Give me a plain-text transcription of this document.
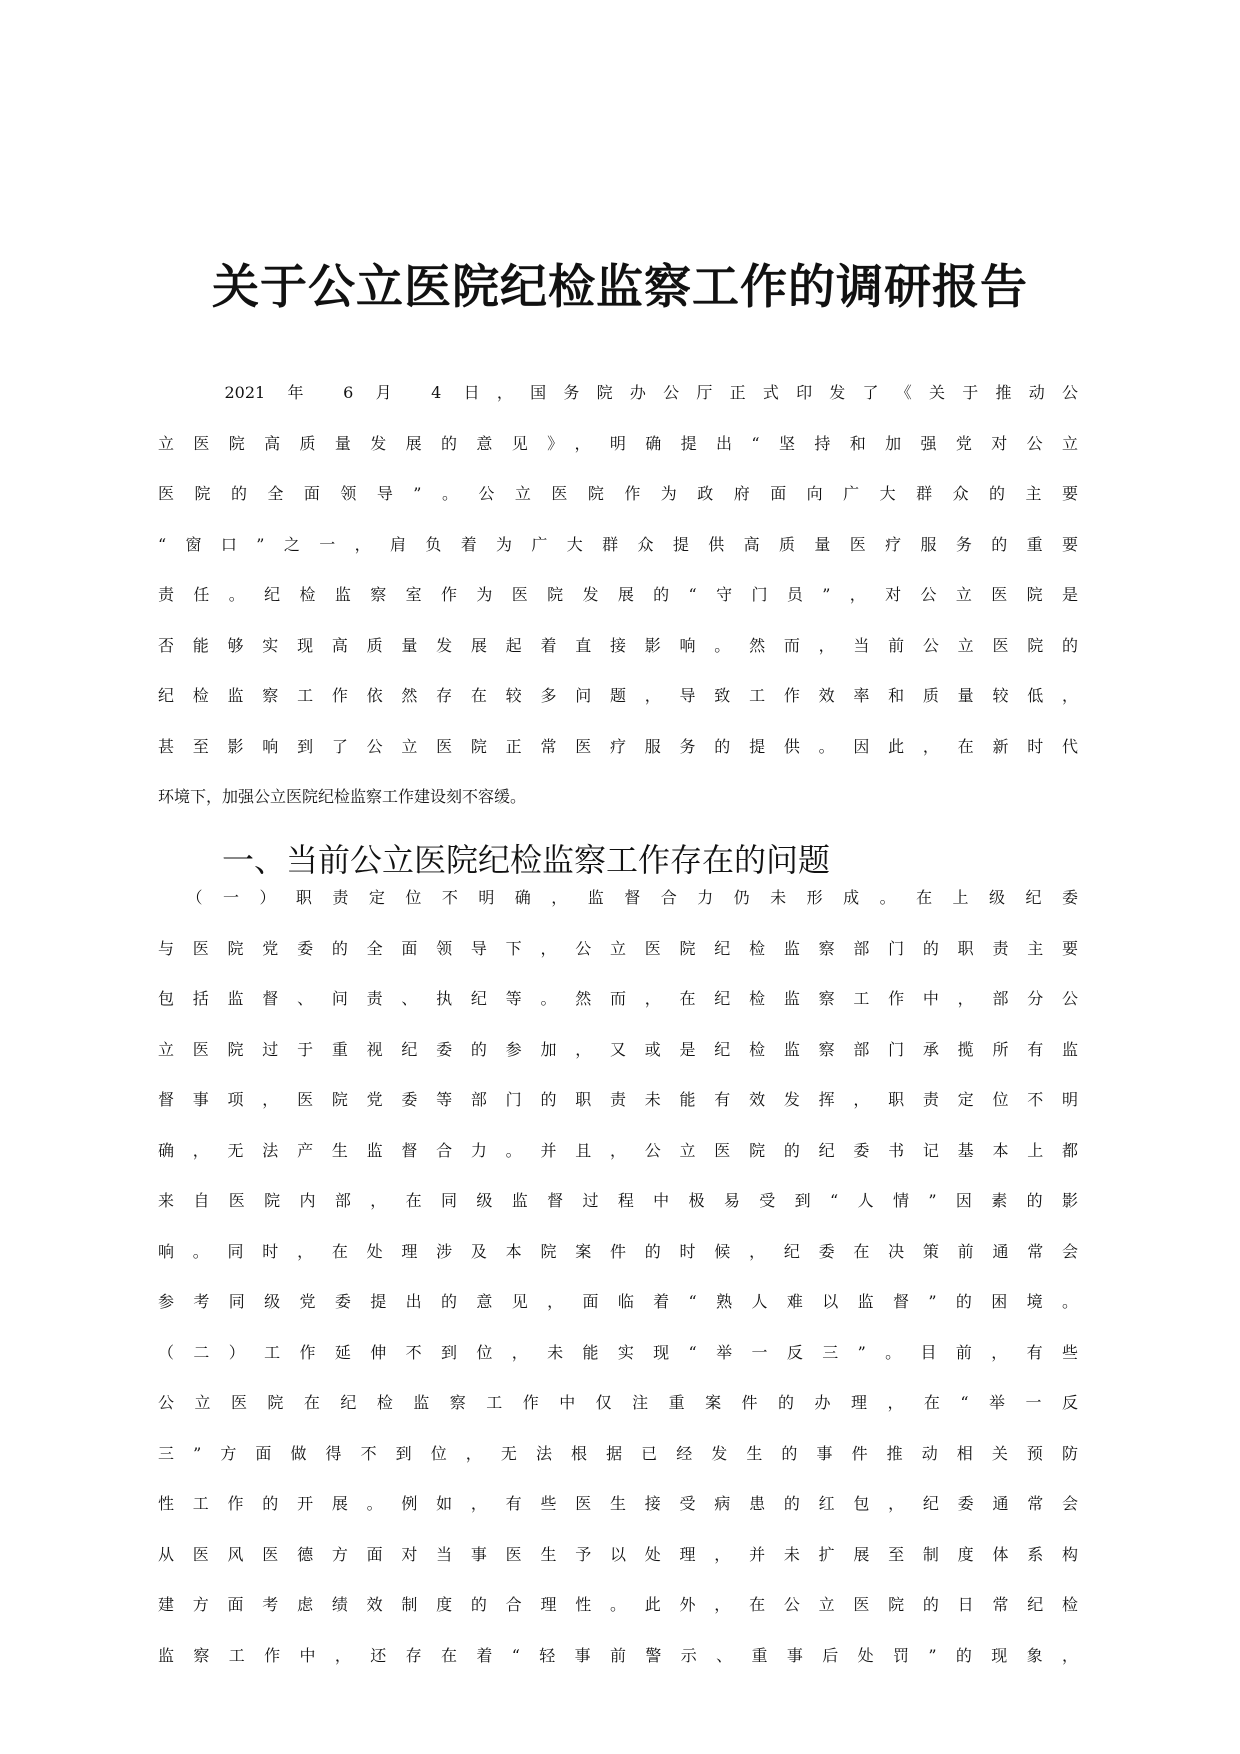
关于公立医院纪检监察工作的调研报告
　　2021 年 6 月 4 日，国务院办公厅正式印发了《关于推动公
立医院高质量发展的意见》，明确提出“坚持和加强党对公立
医院的全面领导”。公立医院作为政府面向广大群众的主要
“窗口”之一，肩负着为广大群众提供高质量医疗服务的重要
责任。纪检监察室作为医院发展的“守门员”，对公立医院是
否能够实现高质量发展起着直接影响。然而，当前公立医院的
纪检监察工作依然存在较多问题，导致工作效率和质量较低，
甚至影响到了公立医院正常医疗服务的提供。因此，在新时代
环境下，加强公立医院纪检监察工作建设刻不容缓。
一、当前公立医院纪检监察工作存在的问题
　（一）职责定位不明确，监督合力仍未形成。在上级纪委
与医院党委的全面领导下，公立医院纪检监察部门的职责主要
包括监督、问责、执纪等。然而，在纪检监察工作中，部分公
立医院过于重视纪委的参加，又或是纪检监察部门承揽所有监
督事项，医院党委等部门的职责未能有效发挥，职责定位不明
确，无法产生监督合力。并且，公立医院的纪委书记基本上都
来自医院内部，在同级监督过程中极易受到“人情”因素的影
响。同时，在处理涉及本院案件的时候，纪委在决策前通常会
参考同级党委提出的意见，面临着“熟人难以监督”的困境。
（二）工作延伸不到位，未能实现“举一反三”。目前，有些
公立医院在纪检监察工作中仅注重案件的办理，在“举一反
三”方面做得不到位，无法根据已经发生的事件推动相关预防
性工作的开展。例如，有些医生接受病患的红包，纪委通常会
从医风医德方面对当事医生予以处理，并未扩展至制度体系构
建方面考虑绩效制度的合理性。此外，在公立医院的日常纪检
监察工作中，还存在着“轻事前警示、重事后处罚”的现象，
